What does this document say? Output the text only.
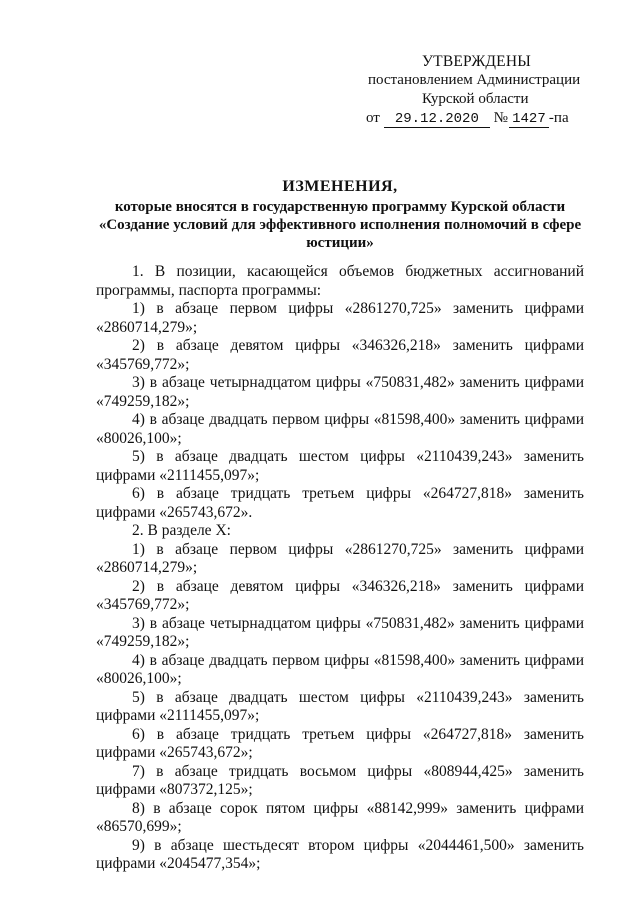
УТВЕРЖДЕНЫ
постановлением Администрации
Курской области
от 29.12.2020 № 1427 -па
ИЗМЕНЕНИЯ,
которые вносятся в государственную программу Курской области «Создание условий для эффективного исполнения полномочий в сфере юстиции»

1. В позиции, касающейся объемов бюджетных ассигнований программы, паспорта программы:

1) в абзаце первом цифры «2861270,725» заменить цифрами «2860714,279»;

2) в абзаце девятом цифры «346326,218» заменить цифрами «345769,772»;

3) в абзаце четырнадцатом цифры «750831,482» заменить цифрами «749259,182»;

4) в абзаце двадцать первом цифры «81598,400» заменить цифрами «80026,100»;

5) в абзаце двадцать шестом цифры «2110439,243» заменить цифрами «2111455,097»;

6) в абзаце тридцать третьем цифры «264727,818» заменить цифрами «265743,672».

2. В разделе X:

1) в абзаце первом цифры «2861270,725» заменить цифрами «2860714,279»;

2) в абзаце девятом цифры «346326,218» заменить цифрами «345769,772»;

3) в абзаце четырнадцатом цифры «750831,482» заменить цифрами «749259,182»;

4) в абзаце двадцать первом цифры «81598,400» заменить цифрами «80026,100»;

5) в абзаце двадцать шестом цифры «2110439,243» заменить цифрами «2111455,097»;

6) в абзаце тридцать третьем цифры «264727,818» заменить цифрами «265743,672»;

7) в абзаце тридцать восьмом цифры «808944,425» заменить цифрами «807372,125»;

8) в абзаце сорок пятом цифры «88142,999» заменить цифрами «86570,699»;

9) в абзаце шестьдесят втором цифры «2044461,500» заменить цифрами «2045477,354»;
